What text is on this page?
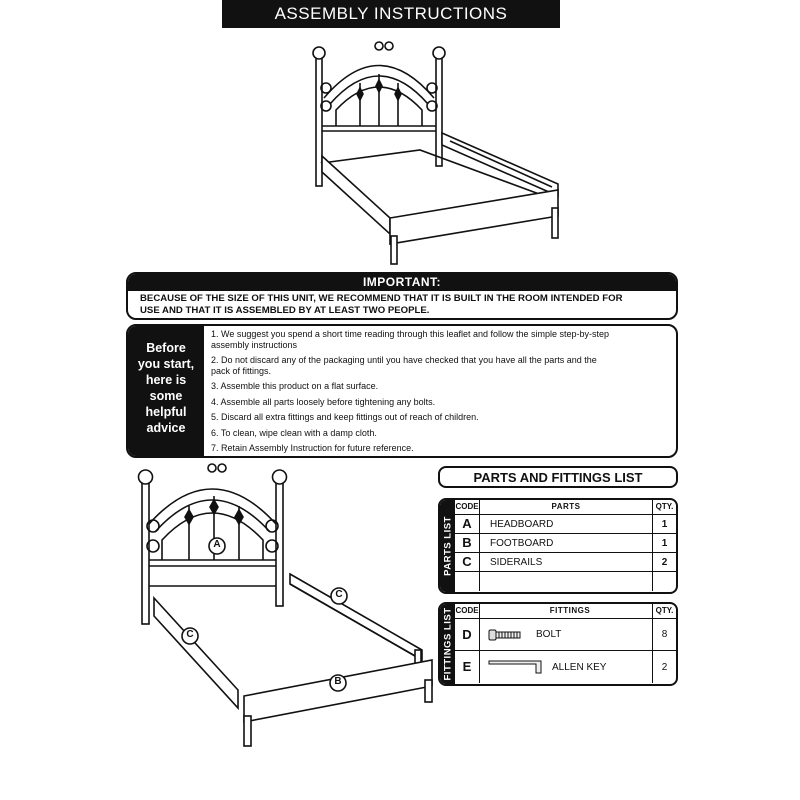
ASSEMBLY INSTRUCTIONS
IMPORTANT:
BECAUSE OF THE SIZE OF THIS UNIT, WE RECOMMEND THAT IT IS BUILT IN THE ROOM INTENDED FOR
USE AND THAT IT IS ASSEMBLED BY AT LEAST TWO PEOPLE.
Before
you start,
here is
some
helpful
advice
1. We suggest you spend a short time reading through this leaflet and follow the simple step-by-step
assembly instructions
2. Do not discard any of the packaging until you have checked that you have all the parts and the
pack of fittings.
3. Assemble this product on a flat surface.
4. Assemble all parts loosely before tightening any bolts.
5. Discard all extra fittings and keep fittings out of reach of children.
6. To clean, wipe clean with a damp cloth.
7. Retain Assembly Instruction for future reference.
A
C
C
B
PARTS AND FITTINGS LIST
PARTS LIST
CODE	PARTS	QTY.
A	HEADBOARD	1
B	FOOTBOARD	1
C	SIDERAILS	2
FITTINGS LIST CODE	FITTINGS	QTY.
D	BOLT	8
E	ALLEN KEY	2
